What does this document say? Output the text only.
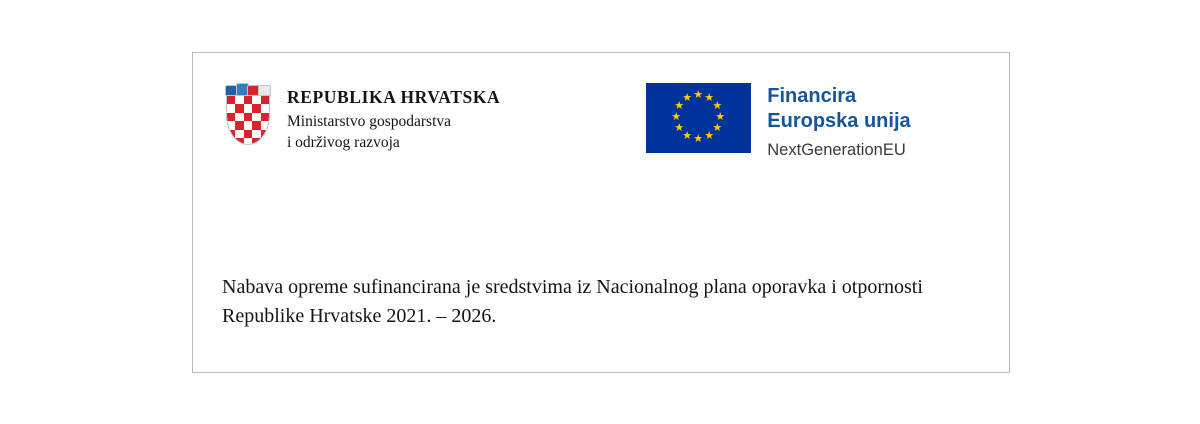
REPUBLIKA HRVATSKA
Ministarstvo gospodarstva
i održivog razvoja
Financira
Europska unija
NextGenerationEU
Nabava opreme sufinancirana je sredstvima iz Nacionalnog plana oporavka i otpornosti Republike Hrvatske 2021. – 2026.
